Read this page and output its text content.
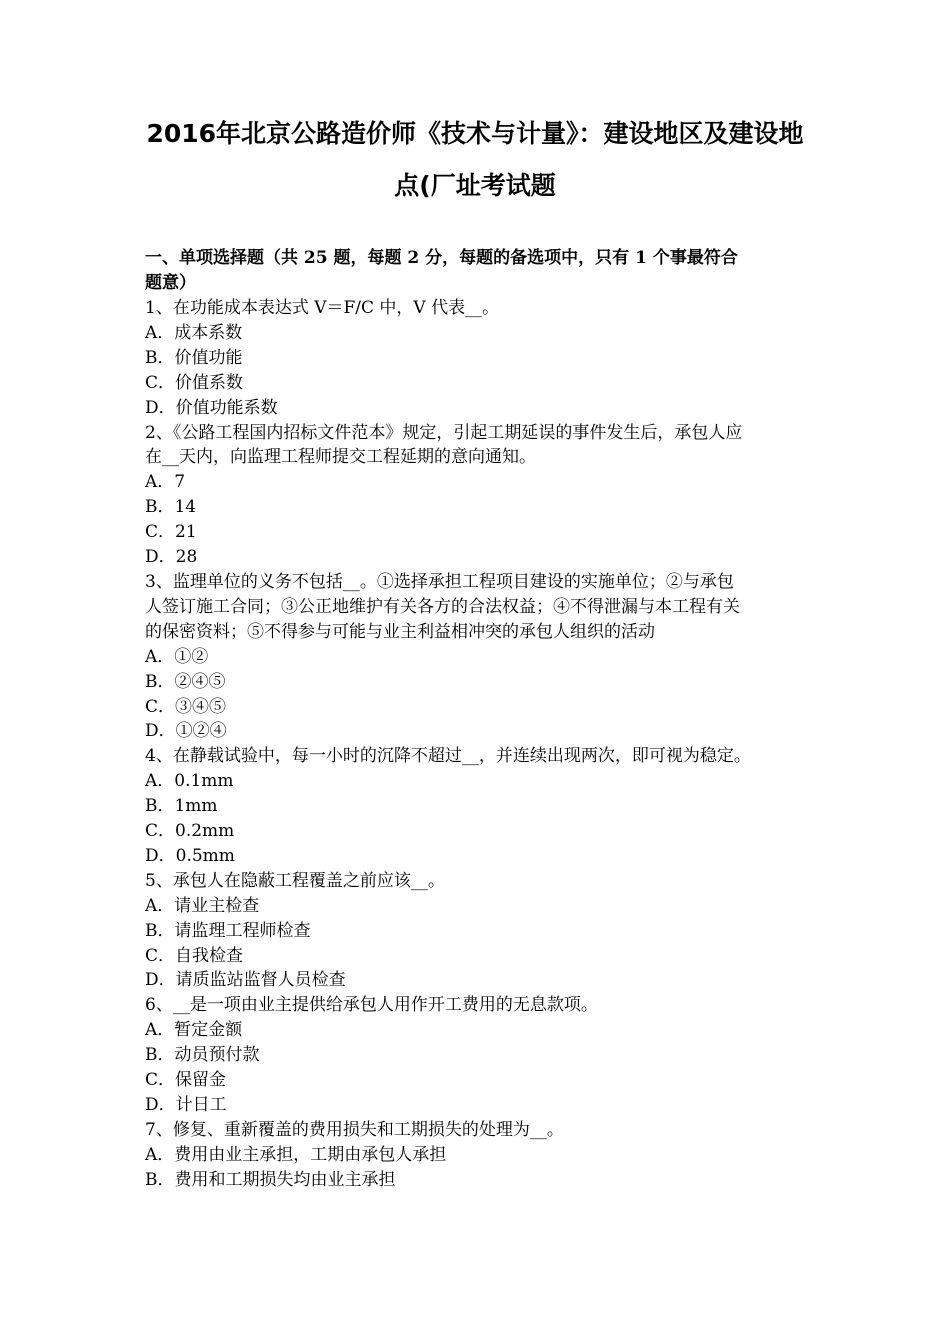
2016年北京公路造价师《技术与计量》：建设地区及建设地
点(厂址考试题
一、单项选择题（共 25 题，每题 2 分，每题的备选项中，只有 1 个事最符合
题意）
1、在功能成本表达式 V＝F/C 中，V 代表__。
A．成本系数
B．价值功能
C．价值系数
D．价值功能系数
2、《公路工程国内招标文件范本》规定，引起工期延误的事件发生后，承包人应
在__天内，向监理工程师提交工程延期的意向通知。
A．7
B．14
C．21
D．28
3、监理单位的义务不包括__。①选择承担工程项目建设的实施单位；②与承包
人签订施工合同；③公正地维护有关各方的合法权益；④不得泄漏与本工程有关
的保密资料；⑤不得参与可能与业主利益相冲突的承包人组织的活动
A．①②
B．②④⑤
C．③④⑤
D．①②④
4、在静载试验中，每一小时的沉降不超过__，并连续出现两次，即可视为稳定。
A．0.1mm
B．1mm
C．0.2mm
D．0.5mm
5、承包人在隐蔽工程覆盖之前应该__。
A．请业主检查
B．请监理工程师检查
C．自我检查
D．请质监站监督人员检查
6、__是一项由业主提供给承包人用作开工费用的无息款项。
A．暂定金额
B．动员预付款
C．保留金
D．计日工
7、修复、重新覆盖的费用损失和工期损失的处理为__。
A．费用由业主承担，工期由承包人承担
B．费用和工期损失均由业主承担
